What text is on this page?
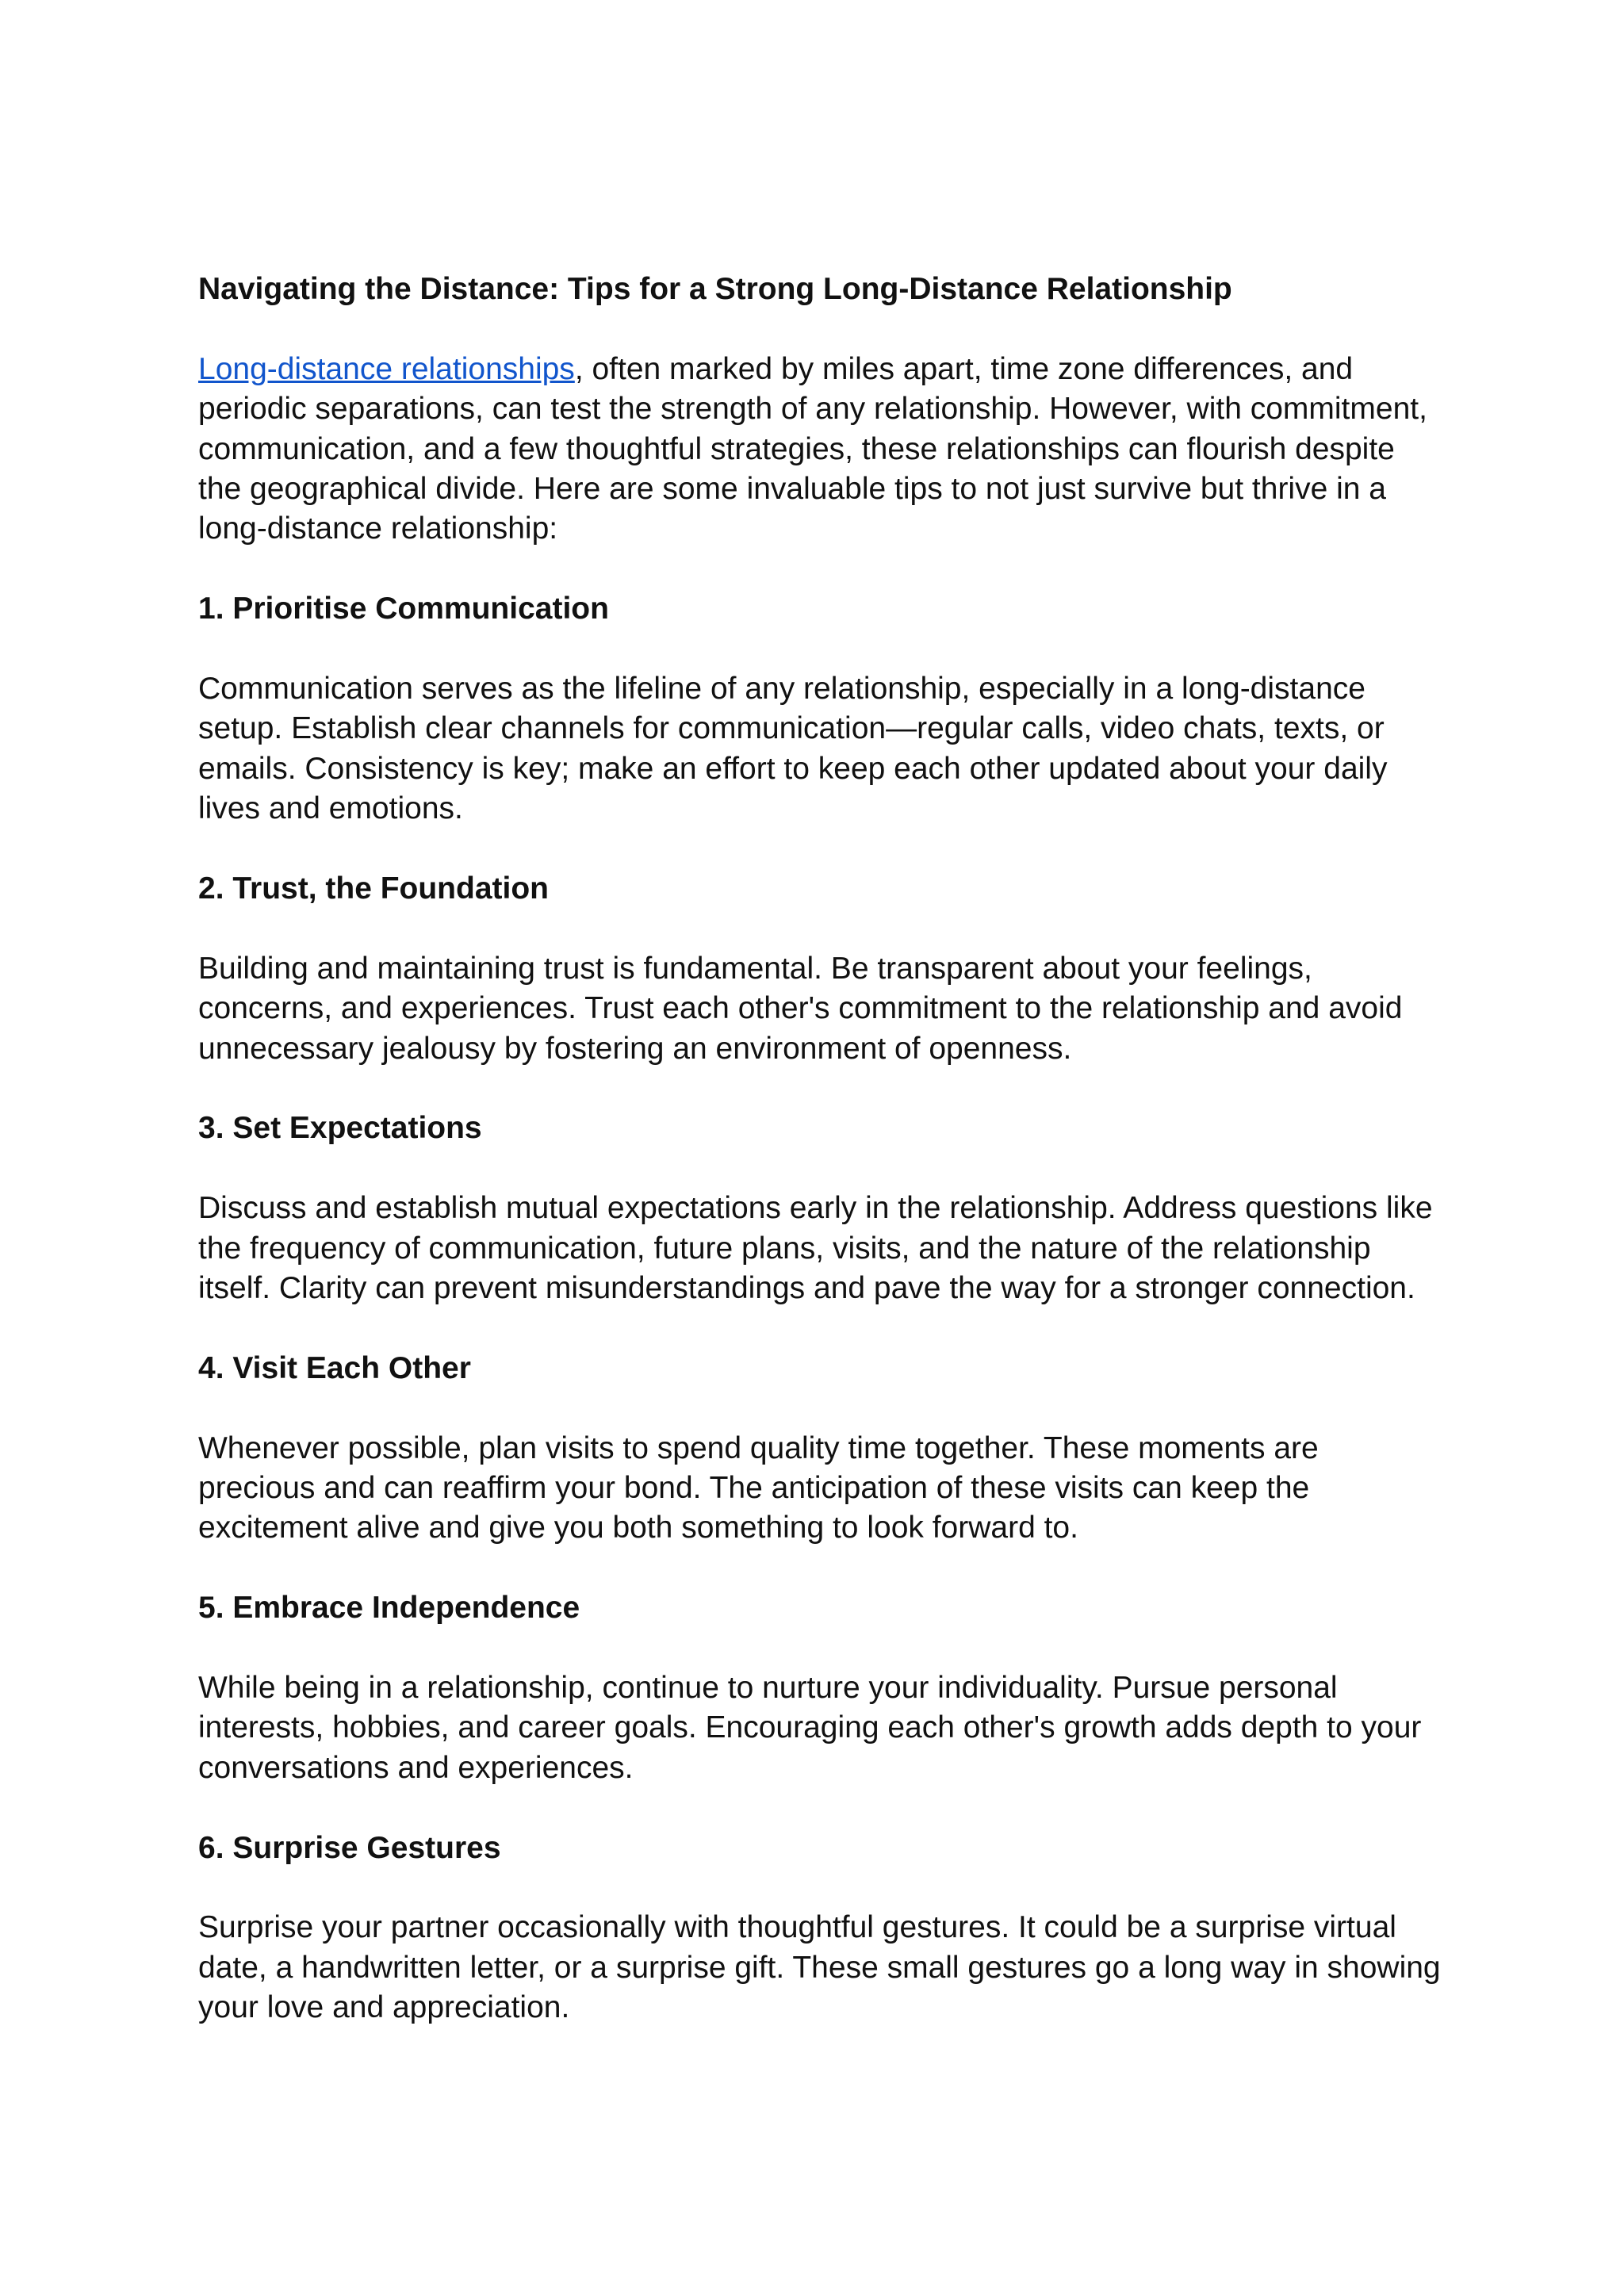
Navigating the Distance: Tips for a Strong Long-Distance Relationship

Long-distance relationships, often marked by miles apart, time zone differences, and periodic separations, can test the strength of any relationship. However, with commitment, communication, and a few thoughtful strategies, these relationships can flourish despite the geographical divide. Here are some invaluable tips to not just survive but thrive in a long-distance relationship:

1. Prioritise Communication

Communication serves as the lifeline of any relationship, especially in a long-distance setup. Establish clear channels for communication—regular calls, video chats, texts, or emails. Consistency is key; make an effort to keep each other updated about your daily lives and emotions.

2. Trust, the Foundation

Building and maintaining trust is fundamental. Be transparent about your feelings, concerns, and experiences. Trust each other's commitment to the relationship and avoid unnecessary jealousy by fostering an environment of openness.

3. Set Expectations

Discuss and establish mutual expectations early in the relationship. Address questions like the frequency of communication, future plans, visits, and the nature of the relationship itself. Clarity can prevent misunderstandings and pave the way for a stronger connection.

4. Visit Each Other

Whenever possible, plan visits to spend quality time together. These moments are precious and can reaffirm your bond. The anticipation of these visits can keep the excitement alive and give you both something to look forward to.

5. Embrace Independence

While being in a relationship, continue to nurture your individuality. Pursue personal interests, hobbies, and career goals. Encouraging each other's growth adds depth to your conversations and experiences.

6. Surprise Gestures

Surprise your partner occasionally with thoughtful gestures. It could be a surprise virtual date, a handwritten letter, or a surprise gift. These small gestures go a long way in showing your love and appreciation.
